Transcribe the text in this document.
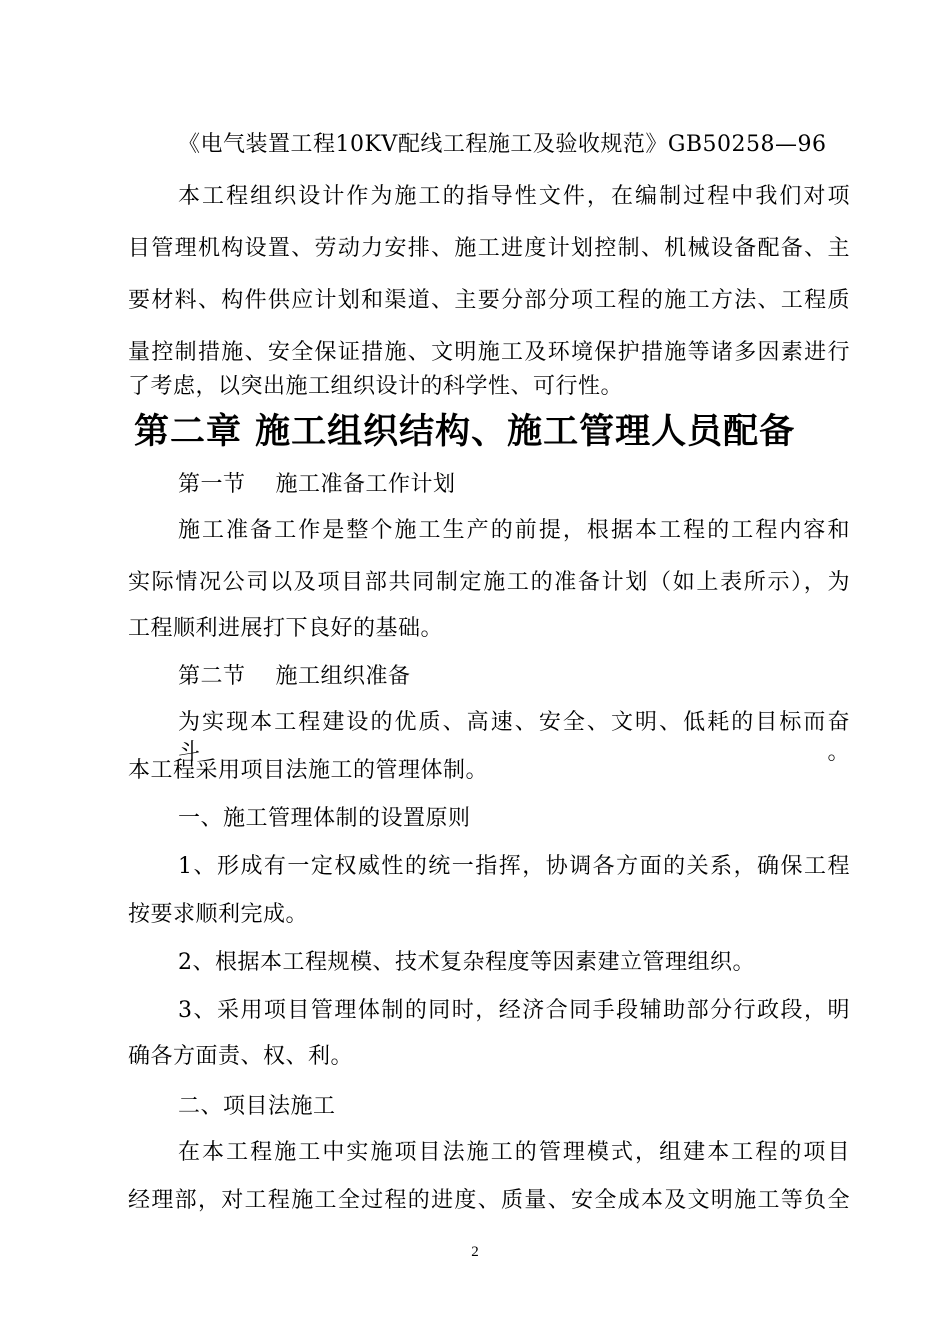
《电气装置工程10KV配线工程施工及验收规范》GB50258—96
本工程组织设计作为施工的指导性文件，在编制过程中我们对项
目管理机构设置、劳动力安排、施工进度计划控制、机械设备配备、主
要材料、构件供应计划和渠道、主要分部分项工程的施工方法、工程质
量控制措施、安全保证措施、文明施工及环境保护措施等诸多因素进行
了考虑，以突出施工组织设计的科学性、可行性。
第二章 施工组织结构、施工管理人员配备
第一节    施工准备工作计划
施工准备工作是整个施工生产的前提，根据本工程的工程内容和
实际情况公司以及项目部共同制定施工的准备计划（如上表所示），为
工程顺利进展打下良好的基础。
第二节    施工组织准备
为实现本工程建设的优质、高速、安全、文明、低耗的目标而奋斗。
本工程采用项目法施工的管理体制。
一、施工管理体制的设置原则
1、形成有一定权威性的统一指挥，协调各方面的关系，确保工程
按要求顺利完成。
2、根据本工程规模、技术复杂程度等因素建立管理组织。
3、采用项目管理体制的同时，经济合同手段辅助部分行政段，明
确各方面责、权、利。
二、项目法施工
在本工程施工中实施项目法施工的管理模式，组建本工程的项目
经理部，对工程施工全过程的进度、质量、安全成本及文明施工等负全
2
